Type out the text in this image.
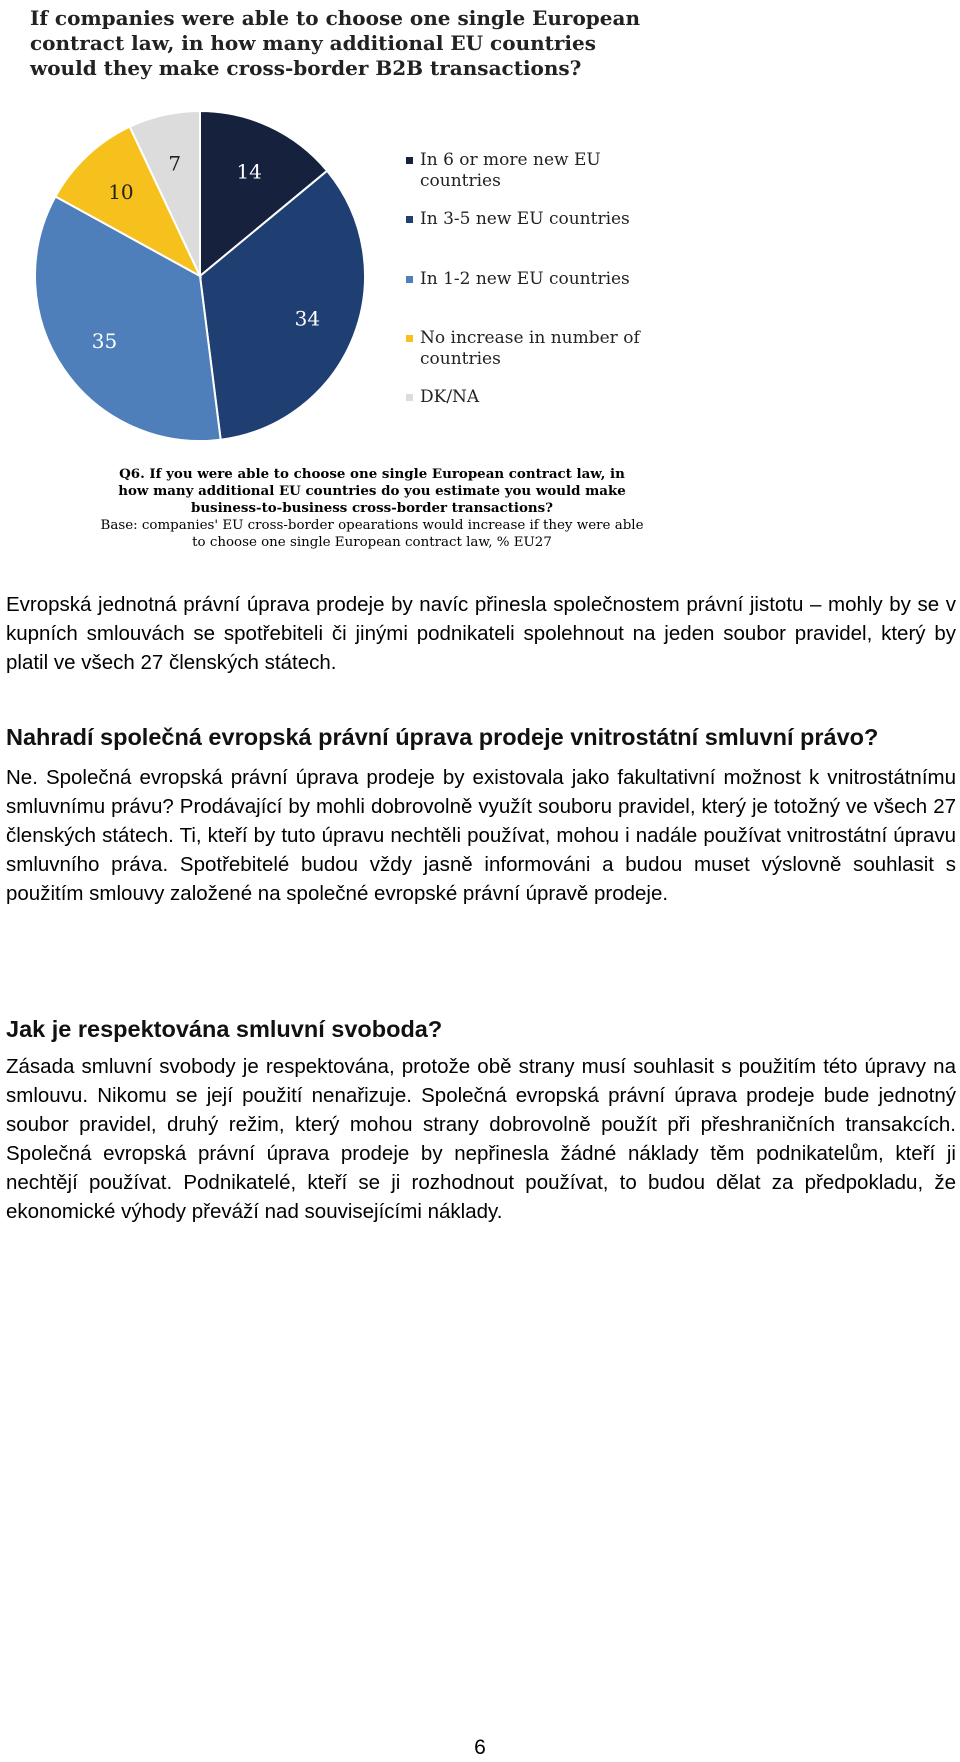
If companies were able to choose one single European
contract law, in how many additional EU countries
would they make cross-border B2B transactions?
14
34
35
10
7	In 6 or more new EU
countries
In 3-5 new EU countries
In 1-2 new EU countries
No increase in number of
countries
DK/NA
Q6. If you were able to choose one single European contract law, in
how many additional EU countries do you estimate you would make
business-to-business cross-border transactions?
Base: companies' EU cross-border opearations would increase if they were able
to choose one single European contract law, % EU27

Evropská jednotná právní úprava prodeje by navíc přinesla společnostem právní jistotu – mohly by se v kupních smlouvách se spotřebiteli či jinými podnikateli spolehnout na jeden soubor pravidel, který by platil ve všech 27 členských státech.

Nahradí společná evropská právní úprava prodeje vnitrostátní smluvní právo?

Ne. Společná evropská právní úprava prodeje by existovala jako fakultativní možnost k vnitrostátnímu smluvnímu právu? Prodávající by mohli dobrovolně využít souboru pravidel, který je totožný ve všech 27 členských státech. Ti, kteří by tuto úpravu nechtěli používat, mohou i nadále používat vnitrostátní úpravu smluvního práva. Spotřebitelé budou vždy jasně informováni a budou muset výslovně souhlasit s použitím smlouvy založené na společné evropské právní úpravě prodeje.

Jak je respektována smluvní svoboda?

Zásada smluvní svobody je respektována, protože obě strany musí souhlasit s použitím této úpravy na smlouvu. Nikomu se její použití nenařizuje. Společná evropská právní úprava prodeje bude jednotný soubor pravidel, druhý režim, který mohou strany dobrovolně použít při přeshraničních transakcích. Společná evropská právní úprava prodeje by nepřinesla žádné náklady těm podnikatelům, kteří ji nechtějí používat. Podnikatelé, kteří se ji rozhodnout používat, to budou dělat za předpokladu, že ekonomické výhody převáží nad souvisejícími náklady.

6
